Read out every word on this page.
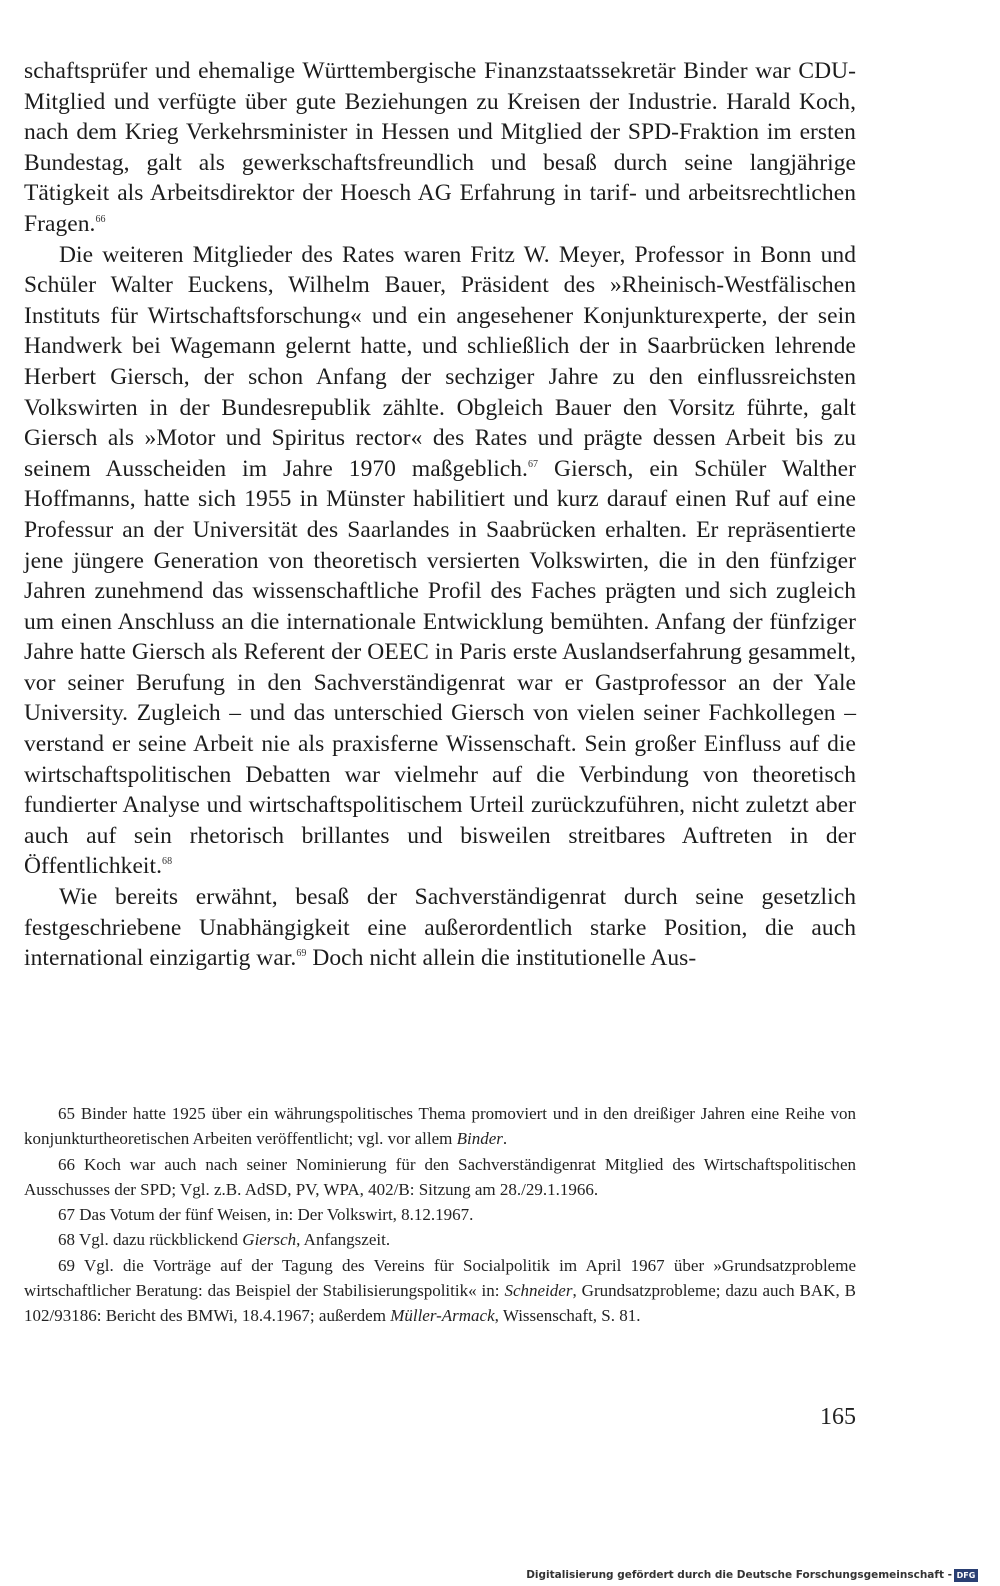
schaftsprüfer und ehemalige Württembergische Finanzstaatssekretär Binder war CDU-Mitglied und verfügte über gute Beziehungen zu Kreisen der Industrie. Harald Koch, nach dem Krieg Verkehrsminister in Hessen und Mitglied der SPD-Fraktion im ersten Bundestag, galt als gewerkschaftsfreundlich und besaß durch seine langjährige Tätigkeit als Arbeitsdirektor der Hoesch AG Erfahrung in tarif- und arbeitsrechtlichen Fragen.$^{66}$

Die weiteren Mitglieder des Rates waren Fritz W. Meyer, Professor in Bonn und Schüler Walter Euckens, Wilhelm Bauer, Präsident des »Rheinisch-Westfälischen Instituts für Wirtschaftsforschung« und ein angesehener Konjunkturexperte, der sein Handwerk bei Wagemann gelernt hatte, und schließlich der in Saarbrücken lehrende Herbert Giersch, der schon Anfang der sechziger Jahre zu den einflussreichsten Volkswirten in der Bundesrepublik zählte. Obgleich Bauer den Vorsitz führte, galt Giersch als »Motor und Spiritus rector« des Rates und prägte dessen Arbeit bis zu seinem Ausscheiden im Jahre 1970 maßgeblich.$^{67}$ Giersch, ein Schüler Walther Hoffmanns, hatte sich 1955 in Münster habilitiert und kurz darauf einen Ruf auf eine Professur an der Universität des Saarlandes in Saabrücken erhalten. Er repräsentierte jene jüngere Generation von theoretisch versierten Volkswirten, die in den fünfziger Jahren zunehmend das wissenschaftliche Profil des Faches prägten und sich zugleich um einen Anschluss an die internationale Entwicklung bemühten. Anfang der fünfziger Jahre hatte Giersch als Referent der OEEC in Paris erste Auslandserfahrung gesammelt, vor seiner Berufung in den Sachverständigenrat war er Gastprofessor an der Yale University. Zugleich – und das unterschied Giersch von vielen seiner Fachkollegen – verstand er seine Arbeit nie als praxisferne Wissenschaft. Sein großer Einfluss auf die wirtschaftspolitischen Debatten war vielmehr auf die Verbindung von theoretisch fundierter Analyse und wirtschaftspolitischem Urteil zurückzuführen, nicht zuletzt aber auch auf sein rhetorisch brillantes und bisweilen streitbares Auftreten in der Öffentlichkeit.$^{68}$

Wie bereits erwähnt, besaß der Sachverständigenrat durch seine gesetzlich festgeschriebene Unabhängigkeit eine außerordentlich starke Position, die auch international einzigartig war.$^{69}$ Doch nicht allein die institutionelle Aus-

65 Binder hatte 1925 über ein währungspolitisches Thema promoviert und in den dreißiger Jahren eine Reihe von konjunkturtheoretischen Arbeiten veröffentlicht; vgl. vor allem Binder.

66 Koch war auch nach seiner Nominierung für den Sachverständigenrat Mitglied des Wirtschaftspolitischen Ausschusses der SPD; Vgl. z.B. AdSD, PV, WPA, 402/B: Sitzung am 28./29.1.1966.

67 Das Votum der fünf Weisen, in: Der Volkswirt, 8.12.1967.

68 Vgl. dazu rückblickend Giersch, Anfangszeit.

69 Vgl. die Vorträge auf der Tagung des Vereins für Socialpolitik im April 1967 über »Grundsatzprobleme wirtschaftlicher Beratung: das Beispiel der Stabilisierungspolitik« in: Schneider, Grundsatzprobleme; dazu auch BAK, B 102/93186: Bericht des BMWi, 18.4.1967; außerdem Müller-Armack, Wissenschaft, S. 81.

165
Digitalisierung gefördert durch die Deutsche Forschungsgemeinschaft - DFG
